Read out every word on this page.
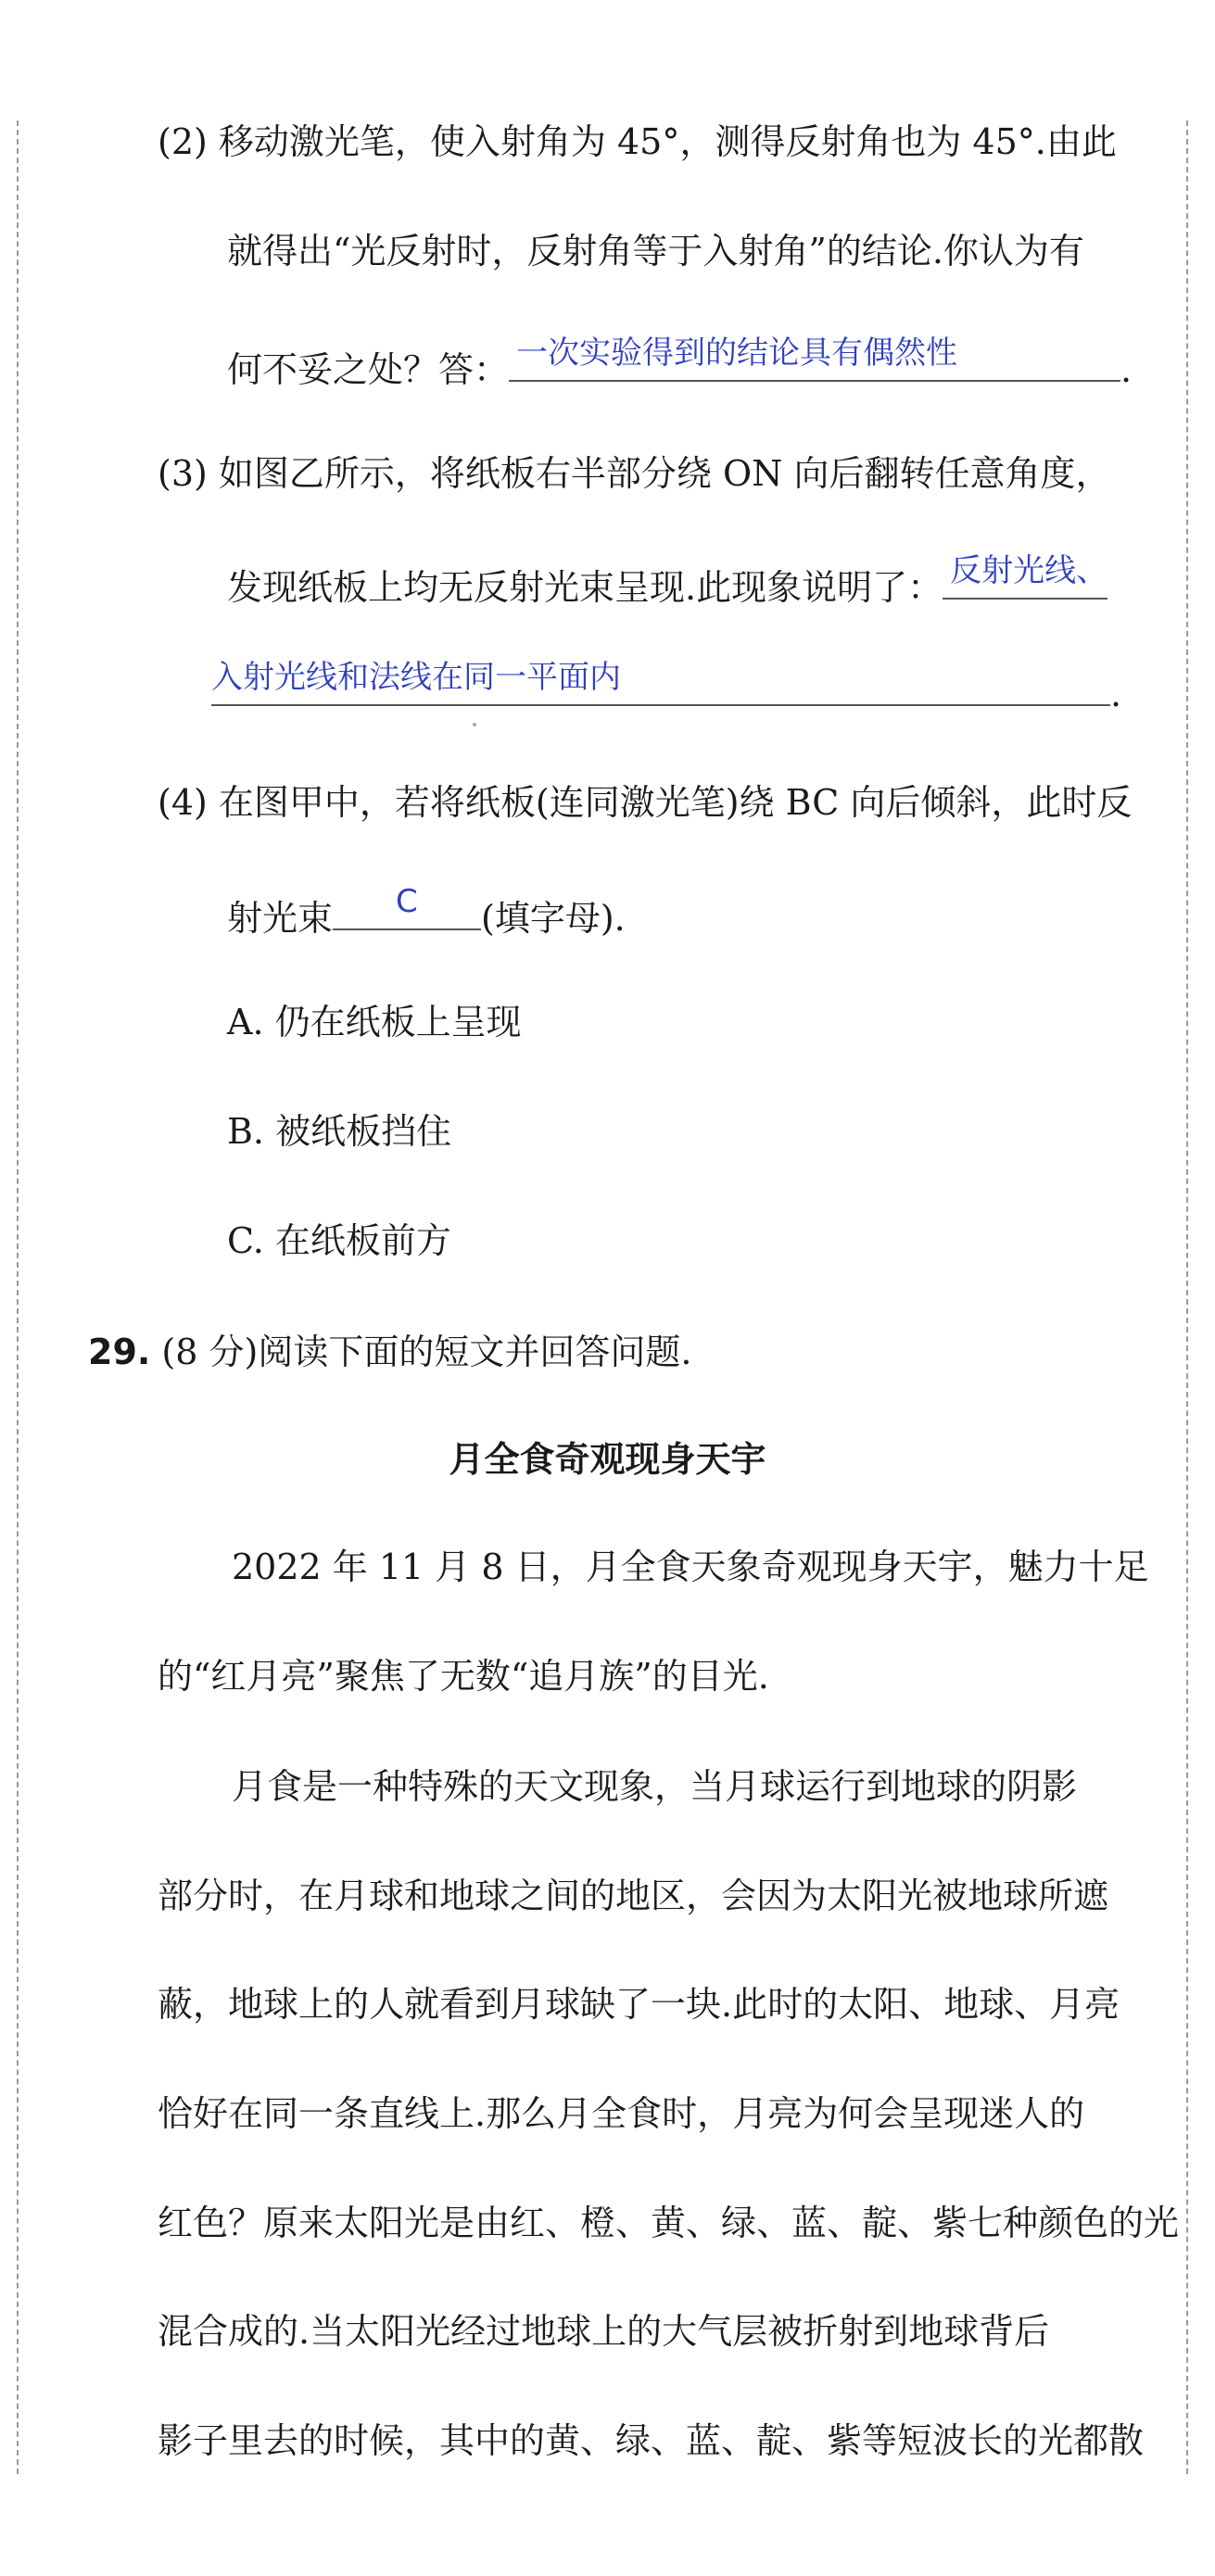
(2) 移动激光笔，使入射角为 45°，测得反射角也为 45°.由此
就得出“光反射时，反射角等于入射角”的结论.你认为有
何不妥之处？答： 一次实验得到的结论具有偶然性	.
(3) 如图乙所示，将纸板右半部分绕 ON 向后翻转任意角度，
发现纸板上均无反射光束呈现.此现象说明了： 反射光线、
入射光线和法线在同一平面内	.
(4) 在图甲中，若将纸板(连同激光笔)绕 BC 向后倾斜，此时反
射光束 C (填字母).
A. 仍在纸板上呈现
B. 被纸板挡住
C. 在纸板前方
29. (8 分)阅读下面的短文并回答问题.
月全食奇观现身天宇
2022 年 11 月 8 日，月全食天象奇观现身天宇，魅力十足
的“红月亮”聚焦了无数“追月族”的目光.
月食是一种特殊的天文现象，当月球运行到地球的阴影
部分时，在月球和地球之间的地区，会因为太阳光被地球所遮
蔽，地球上的人就看到月球缺了一块.此时的太阳、地球、月亮
恰好在同一条直线上.那么月全食时，月亮为何会呈现迷人的
红色？原来太阳光是由红、橙、黄、绿、蓝、靛、紫七种颜色的光
混合成的.当太阳光经过地球上的大气层被折射到地球背后
影子里去的时候，其中的黄、绿、蓝、靛、紫等短波长的光都散
